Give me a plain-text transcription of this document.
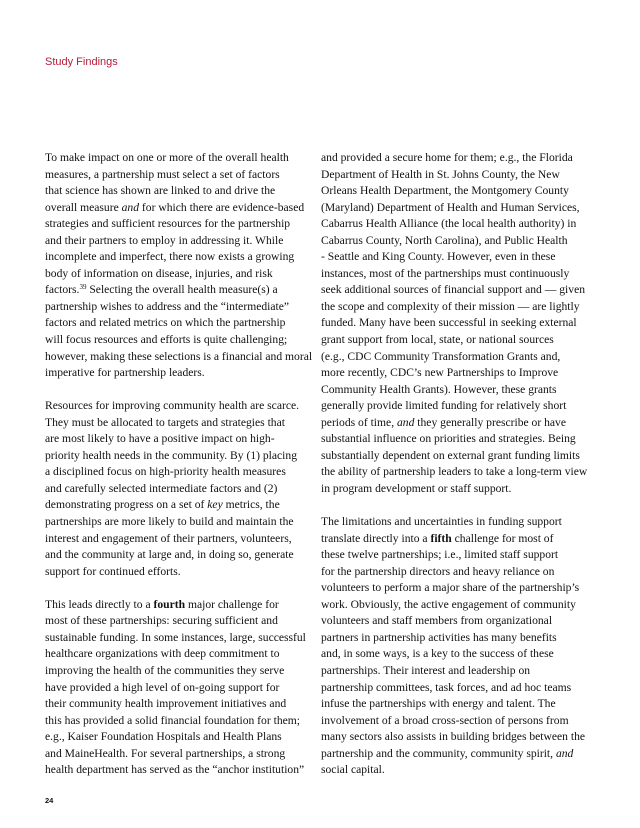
Study Findings

To make impact on one or more of the overall health
measures, a partnership must select a set of factors
that science has shown are linked to and drive the
overall measure and for which there are evidence-based
strategies and sufficient resources for the partnership
and their partners to employ in addressing it. While
incomplete and imperfect, there now exists a growing
body of information on disease, injuries, and risk
factors.$^{39}$ Selecting the overall health measure(s) a
partnership wishes to address and the “intermediate”
factors and related metrics on which the partnership
will focus resources and efforts is quite challenging;
however, making these selections is a financial and moral
imperative for partnership leaders.

Resources for improving community health are scarce.
They must be allocated to targets and strategies that
are most likely to have a positive impact on high-
priority health needs in the community. By (1) placing
a disciplined focus on high-priority health measures
and carefully selected intermediate factors and (2)
demonstrating progress on a set of key metrics, the
partnerships are more likely to build and maintain the
interest and engagement of their partners, volunteers,
and the community at large and, in doing so, generate
support for continued efforts.

This leads directly to a fourth major challenge for
most of these partnerships: securing sufficient and
sustainable funding. In some instances, large, successful
healthcare organizations with deep commitment to
improving the health of the communities they serve
have provided a high level of on-going support for
their community health improvement initiatives and
this has provided a solid financial foundation for them;
e.g., Kaiser Foundation Hospitals and Health Plans
and MaineHealth. For several partnerships, a strong
health department has served as the “anchor institution”

and provided a secure home for them; e.g., the Florida
Department of Health in St. Johns County, the New
Orleans Health Department, the Montgomery County
(Maryland) Department of Health and Human Services,
Cabarrus Health Alliance (the local health authority) in
Cabarrus County, North Carolina), and Public Health
- Seattle and King County. However, even in these
instances, most of the partnerships must continuously
seek additional sources of financial support and — given
the scope and complexity of their mission — are lightly
funded. Many have been successful in seeking external
grant support from local, state, or national sources
(e.g., CDC Community Transformation Grants and,
more recently, CDC’s new Partnerships to Improve
Community Health Grants). However, these grants
generally provide limited funding for relatively short
periods of time, and they generally prescribe or have
substantial influence on priorities and strategies. Being
substantially dependent on external grant funding limits
the ability of partnership leaders to take a long-term view
in program development or staff support.

The limitations and uncertainties in funding support
translate directly into a fifth challenge for most of
these twelve partnerships; i.e., limited staff support
for the partnership directors and heavy reliance on
volunteers to perform a major share of the partnership’s
work. Obviously, the active engagement of community
volunteers and staff members from organizational
partners in partnership activities has many benefits
and, in some ways, is a key to the success of these
partnerships. Their interest and leadership on
partnership committees, task forces, and ad hoc teams
infuse the partnerships with energy and talent. The
involvement of a broad cross-section of persons from
many sectors also assists in building bridges between the
partnership and the community, community spirit, and
social capital.

24
